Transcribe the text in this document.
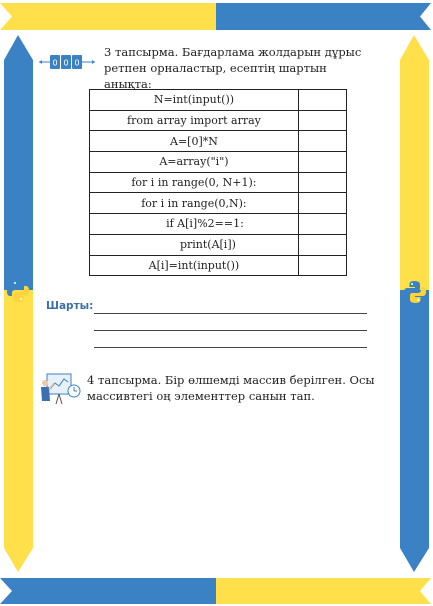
0 0 0
3 тапсырма. Бағдарлама жолдарын дұрыс ретпен орналастыр, есептің шартын анықта:
N=int(input())	
from array import array	
A=[0]*N	
A=array("i")	
for i in range(0, N+1):	
for i in range(0,N):	
if A[i]%2==1:	
print(A[i])	
A[i]=int(input())	
Шарты:
4 тапсырма. Бір өлшемді массив берілген. Осы массивтегі оң элементтер санын тап.
